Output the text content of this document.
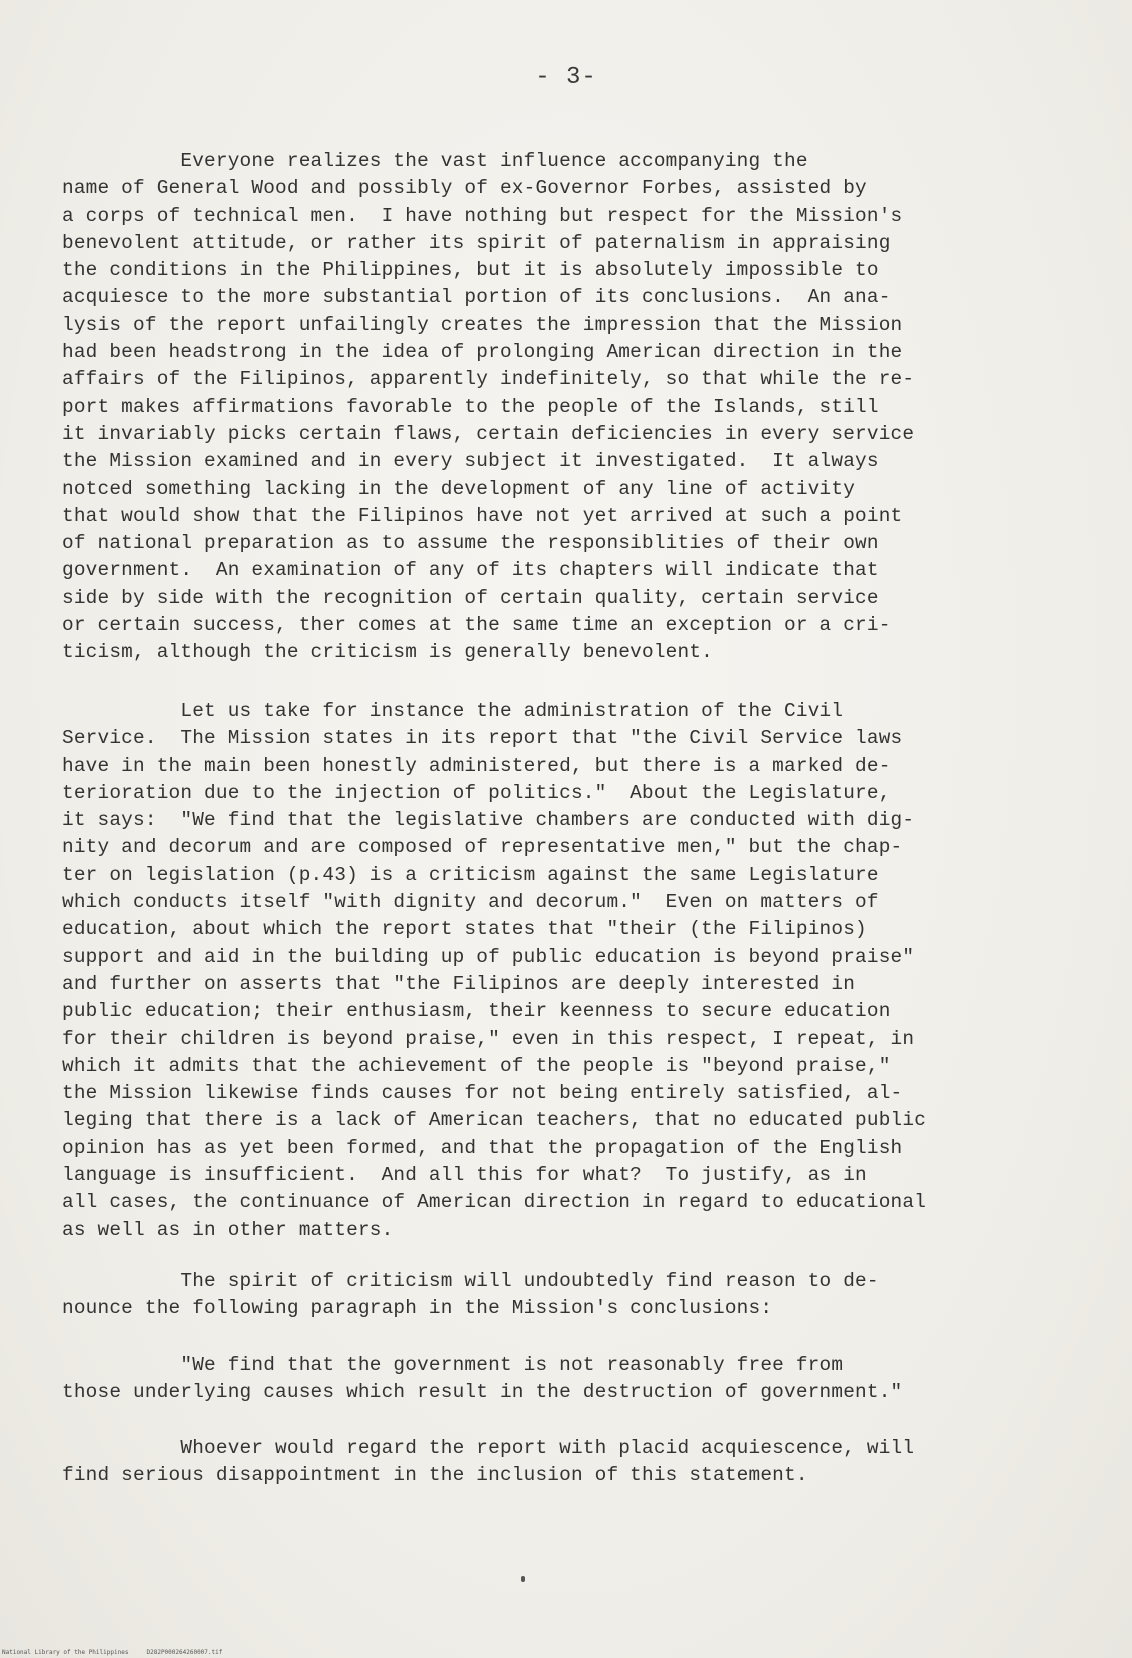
- 3-
Everyone realizes the vast influence accompanying the
name of General Wood and possibly of ex-Governor Forbes, assisted by
a corps of technical men.  I have nothing but respect for the Mission's
benevolent attitude, or rather its spirit of paternalism in appraising
the conditions in the Philippines, but it is absolutely impossible to
acquiesce to the more substantial portion of its conclusions.  An ana-
lysis of the report unfailingly creates the impression that the Mission
had been headstrong in the idea of prolonging American direction in the
affairs of the Filipinos, apparently indefinitely, so that while the re-
port makes affirmations favorable to the people of the Islands, still
it invariably picks certain flaws, certain deficiencies in every service
the Mission examined and in every subject it investigated.  It always
notced something lacking in the development of any line of activity
that would show that the Filipinos have not yet arrived at such a point
of national preparation as to assume the responsiblities of their own
government.  An examination of any of its chapters will indicate that
side by side with the recognition of certain quality, certain service
or certain success, ther comes at the same time an exception or a cri-
ticism, although the criticism is generally benevolent.
Let us take for instance the administration of the Civil
Service.  The Mission states in its report that "the Civil Service laws
have in the main been honestly administered, but there is a marked de-
terioration due to the injection of politics."  About the Legislature,
it says:  "We find that the legislative chambers are conducted with dig-
nity and decorum and are composed of representative men," but the chap-
ter on legislation (p.43) is a criticism against the same Legislature
which conducts itself "with dignity and decorum."  Even on matters of
education, about which the report states that "their (the Filipinos)
support and aid in the building up of public education is beyond praise"
and further on asserts that "the Filipinos are deeply interested in
public education; their enthusiasm, their keenness to secure education
for their children is beyond praise," even in this respect, I repeat, in
which it admits that the achievement of the people is "beyond praise,"
the Mission likewise finds causes for not being entirely satisfied, al-
leging that there is a lack of American teachers, that no educated public
opinion has as yet been formed, and that the propagation of the English
language is insufficient.  And all this for what?  To justify, as in
all cases, the continuance of American direction in regard to educational
as well as in other matters.
The spirit of criticism will undoubtedly find reason to de-
nounce the following paragraph in the Mission's conclusions:
"We find that the government is not reasonably free from
those underlying causes which result in the destruction of government."
Whoever would regard the report with placid acquiescence, will
find serious disappointment in the inclusion of this statement.
National Library of the Philippines     D282P000264260007.tif
